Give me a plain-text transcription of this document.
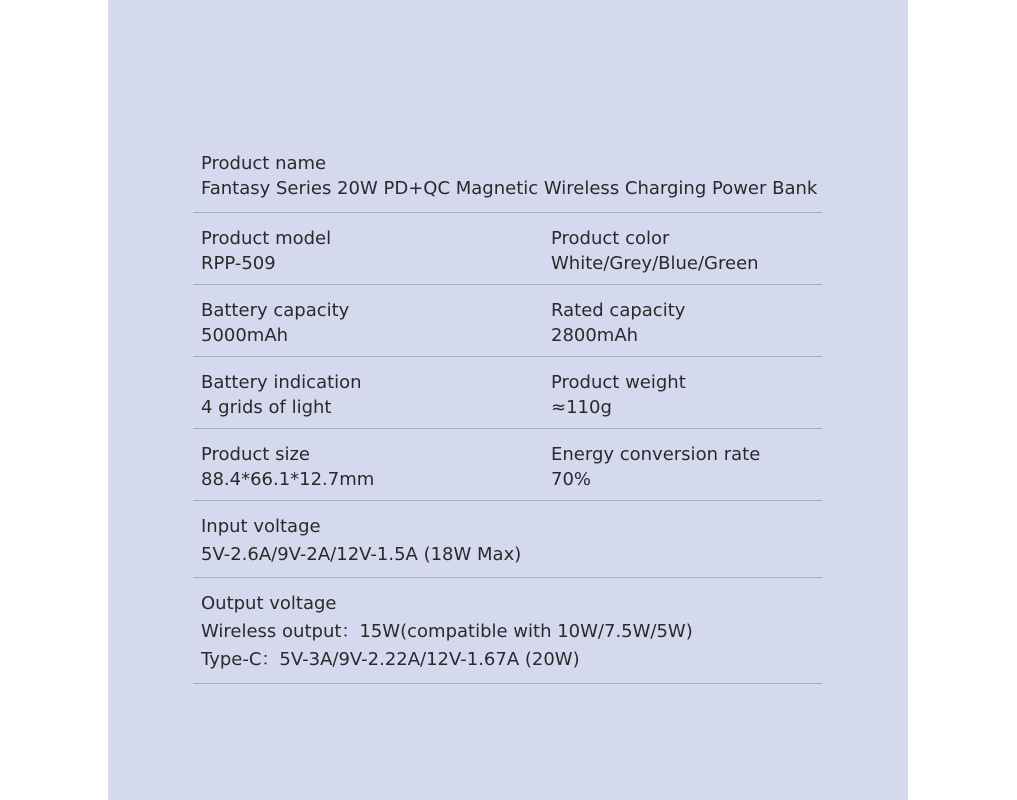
Product name
Fantasy Series 20W PD+QC Magnetic Wireless Charging Power Bank
Product model
RPP-509
Product color
White/Grey/Blue/Green
Battery capacity
5000mAh
Rated capacity
2800mAh
Battery indication
4 grids of light
Product weight
≈110g
Product size
88.4*66.1*12.7mm
Energy conversion rate
70%
Input voltage
5V-2.6A/9V-2A/12V-1.5A (18W Max)
Output voltage
Wireless output：15W(compatible with 10W/7.5W/5W)
Type-C：5V-3A/9V-2.22A/12V-1.67A (20W)
